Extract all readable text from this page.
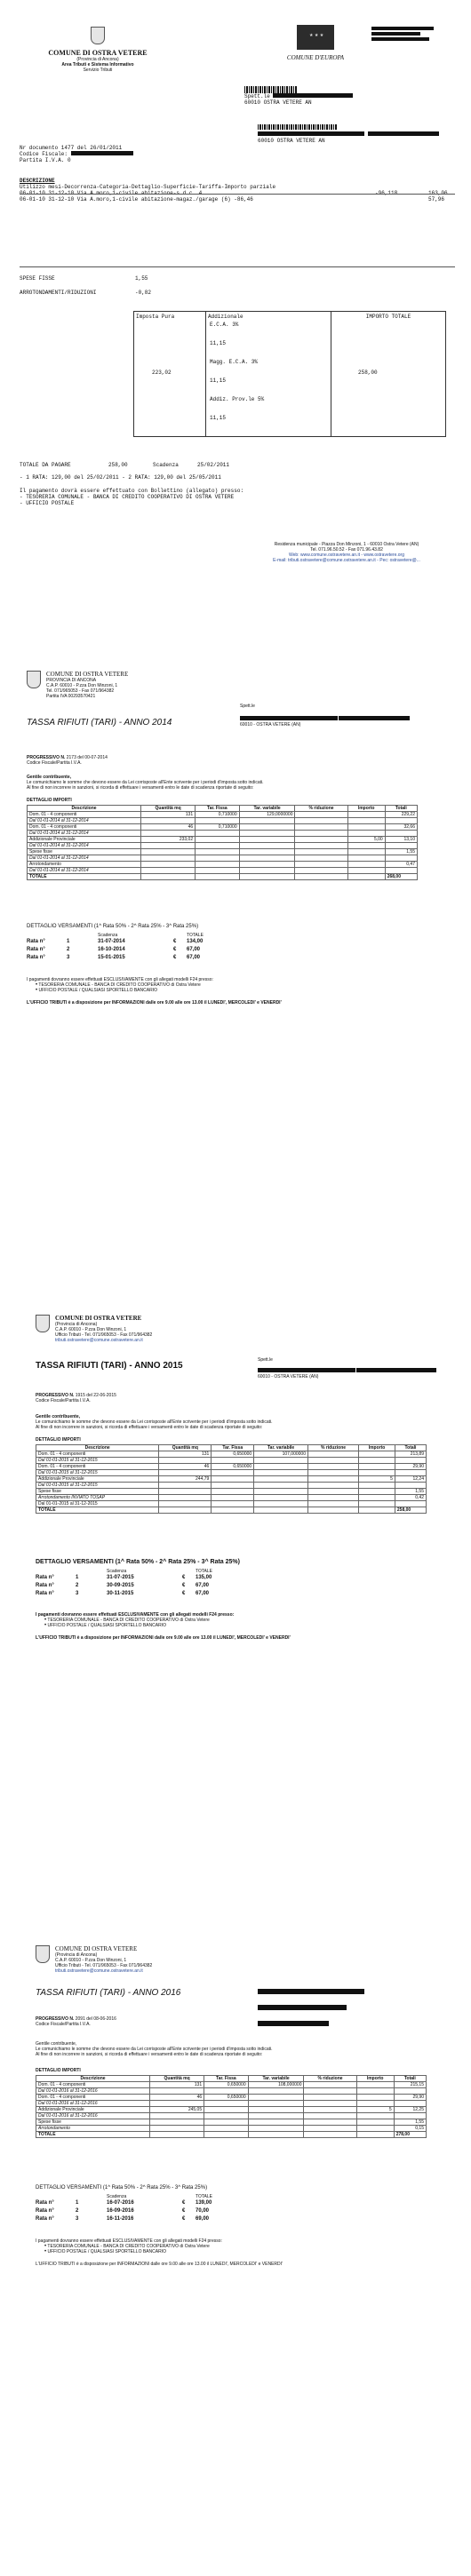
COMUNE DI OSTRA VETERE
(Provincia di Ancona)
Area Tributi e Sistema Informativo
Servizio Tributi
★ ★ ★
COMUNE D'EUROPA

Spett.le
60010 OSTRA VETERE AN

60010 OSTRA VETERE AN
Nr documento 1477 del 26/01/2011
Codice Fiscale:
Partita I.V.A. 0
DESCRIZIONE
Utilizzo mesi-Decorrenza-Categoria-Dettaglio-Superficie-Tariffa-Importo parziale
06-01-10 31-12-10 Via A.moro,1-civile abitazione-s.d.c. 4	-96,118	163,06
06-01-10 31-12-10 Via A.moro,1-civile abitazione-magaz./garage (6) -86,46	57,96
SPESE FISSE	1,55
ARROTONDAMENTI/RIDUZIONI	-0,82
Imposta Pura
223,02
Addizionale
E.C.A. 3%
11,15
Magg. E.C.A. 3%
11,15
Addiz. Prov.le 5%
11,15
IMPORTO TOTALE
258,00
TOTALE DA PAGARE	258,00	Scadenza	25/02/2011
- 1 RATA: 129,00 del 25/02/2011 - 2 RATA: 129,00 del 25/05/2011
Il pagamento dovrà essere effettuato con Bollettino (allegato) presso:
- TESORERIA COMUNALE - BANCA DI CREDITO COOPERATIVO DI OSTRA VETERE
- UFFICIO POSTALE
Residenza municipale - Piazza Don Minzoni, 1 - 60010 Ostra Vetere (AN)
Tel. 071.96.50.52 - Fax 071.96.43.82
Web: www.comune.ostravetere.an.it - www.ostravetere.org
E-mail: tributi.ostravetere@comune.ostravetere.an.it - Pec: ostravetere@...
COMUNE DI OSTRA VETERE
PROVINCIA DI ANCONA
C.A.P. 60010 - P.zza Don Minzoni, 1
Tel. 071/965053 - Fax 071/964382
Partita IVA 00293570421
TASSA RIFIUTI (TARI) - ANNO 2014
Spett.le

60010 - OSTRA VETERE (AN)
PROGRESSIVO N. 2173 del 00-07-2014
Codice Fiscale/Partita I.V.A.
Gentile contribuente,
Le comunichiamo le somme che devono essere da Lei corrisposte all'Ente scrivente per i periodi d'imposta sotto indicati.
Al fine di non incorrere in sanzioni, si ricorda di effettuare i versamenti entro le date di scadenza riportate di seguito:
DETTAGLIO IMPORTI
Descrizione	Quantità mq	Tar. Fissa	Tar. variabile	% riduzione	Importo	Totali
Dom. 01 - 4 componenti	131	0,710000	129,0000000			229,22
Dal 01-01-2014 al 31-12-2014						
Dom. 01 - 4 componenti	46	0,710000				32,66
Dal 01-01-2014 al 31-12-2014						
Addizionale Provinciale	233,02				5,00	13,10
Dal 01-01-2014 al 31-12-2014						
Spese fisse						1,55
Dal 01-01-2014 al 31-12-2014						
Arrotondamento						0,47
Dal 01-01-2014 al 31-12-2014						
TOTALE						268,00
DETTAGLIO VERSAMENTI (1^ Rata 50% - 2^ Rata 25% - 3^ Rata 25%)
Scadenza	TOTALE
Rata n°	1	31-07-2014	€ 134,00
Rata n°	2	16-10-2014	€ 67,00
Rata n°	3	15-01-2015	€ 67,00
I pagamenti dovranno essere effettuati ESCLUSIVAMENTE con gli allegati modelli F24 presso:
• TESORERIA COMUNALE - BANCA DI CREDITO COOPERATIVO di Ostra Vetere
• UFFICIO POSTALE / QUALSIASI SPORTELLO BANCARIO
L'UFFICIO TRIBUTI è a disposizione per INFORMAZIONI dalle ore 9.00 alle ore 13.00 il LUNEDI', MERCOLEDI' e VENERDI'
COMUNE DI OSTRA VETERE
(Provincia di Ancona)
C.A.P. 60010 - P.zza Don Minzoni, 1
Ufficio Tributi - Tel. 071/965053 - Fax 071/964382
tributi.ostravetere@comune.ostravetere.an.it
TASSA RIFIUTI (TARI) - ANNO 2015
Spett.le

60010 - OSTRA VETERE (AN)
PROGRESSIVO N. 1915 del 22-06-2015
Codice Fiscale/Partita I.V.A.
Gentile contribuente,
Le comunichiamo le somme che devono essere da Lei corrisposte all'Ente scrivente per i periodi d'imposta sotto indicati.
Al fine di non incorrere in sanzioni, si ricorda di effettuare i versamenti entro le date di scadenza riportate di seguito:
DETTAGLIO IMPORTI
Descrizione	Quantità mq	Tar. Fissa	Tar. variabile	% riduzione	Importo	Totali
Dom. 01 - 4 componenti	131	0,650000	107,000000			213,89
Dal 01-01-2015 al 31-12-2015						
Dom. 01 - 4 componenti	46	0,650000				29,90
Dal 01-01-2015 al 31-12-2015						
Addizionale Provinciale	244,79				5	12,24
Dal 01-01-2015 al 31-12-2015						
Spese fisse						1,55
Arrotondamento INVIATO TOSAP						0,42
Dal 01-01-2015 al 31-12-2015						
TOTALE						258,00
DETTAGLIO VERSAMENTI (1^ Rata 50% - 2^ Rata 25% - 3^ Rata 25%)
Scadenza	TOTALE
Rata n°	1	31-07-2015	€ 135,00
Rata n°	2	30-09-2015	€ 67,00
Rata n°	3	30-11-2015	€ 67,00
I pagamenti dovranno essere effettuati ESCLUSIVAMENTE con gli allegati modelli F24 presso:
• TESORERIA COMUNALE - BANCA DI CREDITO COOPERATIVO di Ostra Vetere
• UFFICIO POSTALE / QUALSIASI SPORTELLO BANCARIO
L'UFFICIO TRIBUTI è a disposizione per INFORMAZIONI dalle ore 9.00 alle ore 13.00 il LUNEDI', MERCOLEDI' e VENERDI'
COMUNE DI OSTRA VETERE
(Provincia di Ancona)
C.A.P. 60010 - P.zza Don Minzoni, 1
Ufficio Tributi - Tel. 071/965053 - Fax 071/964382
tributi.ostravetere@comune.ostravetere.an.it
TASSA RIFIUTI (TARI) - ANNO 2016

PROGRESSIVO N. 2091 del 08-06-2016
Codice Fiscale/Partita I.V.A.
Gentile contribuente,
Le comunichiamo le somme che devono essere da Lei corrisposte all'Ente scrivente per i periodi d'imposta sotto indicati.
Al fine di non incorrere in sanzioni, si ricorda di effettuare i versamenti entro le date di scadenza riportate di seguito:
DETTAGLIO IMPORTI
Descrizione	Quantità mq	Tar. Fissa	Tar. variabile	% riduzione	Importo	Totali
Dom. 01 - 4 componenti	131	0,650000	108,000000			215,15
Dal 01-01-2016 al 31-12-2016						
Dom. 01 - 4 componenti	46	0,650000				29,90
Dal 01-01-2016 al 31-12-2016						
Addizionale Provinciale	245,05				5	12,25
Dal 01-01-2016 al 31-12-2016						
Spese fisse						1,55
Arrotondamento						0,15
TOTALE						278,00
DETTAGLIO VERSAMENTI (1^ Rata 50% - 2^ Rata 25% - 3^ Rata 25%)
Scadenza	TOTALE
Rata n°	1	16-07-2016	€ 139,00
Rata n°	2	16-09-2016	€ 70,00
Rata n°	3	16-11-2016	€ 69,00
I pagamenti dovranno essere effettuati ESCLUSIVAMENTE con gli allegati modelli F24 presso:
• TESORERIA COMUNALE - BANCA DI CREDITO COOPERATIVO di Ostra Vetere
• UFFICIO POSTALE / QUALSIASI SPORTELLO BANCARIO
L'UFFICIO TRIBUTI è a disposizione per INFORMAZIONI dalle ore 9.00 alle ore 13.00 il LUNEDI', MERCOLEDI' e VENERDI'
